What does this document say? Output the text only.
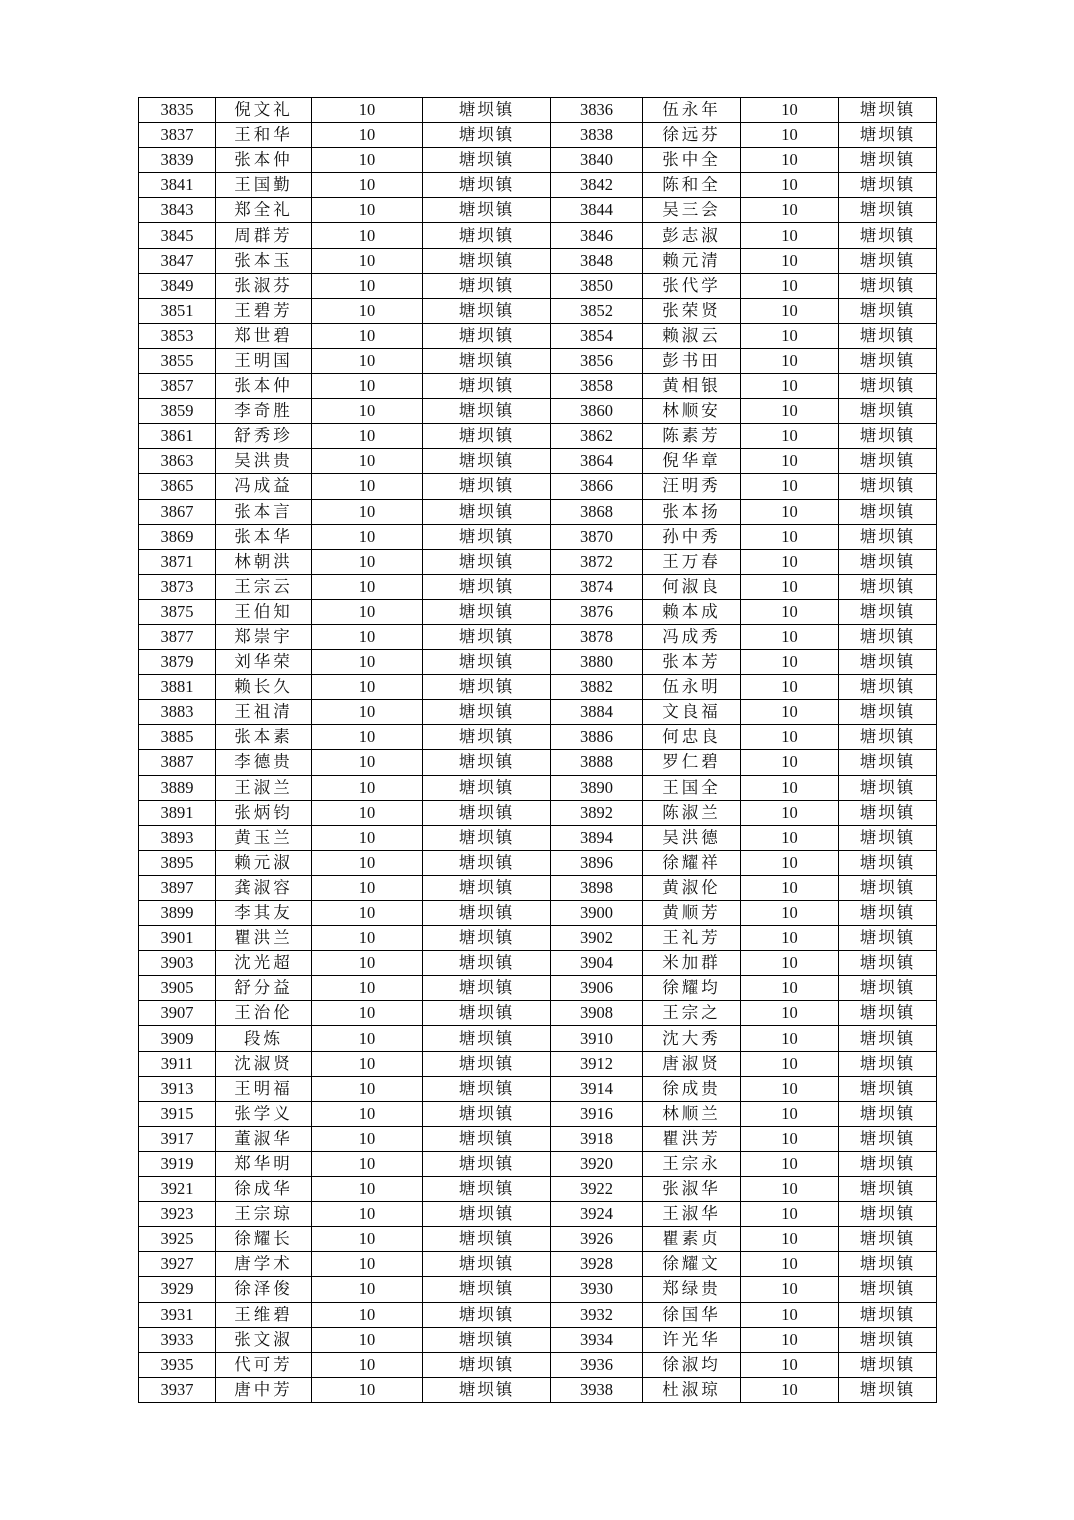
3835	倪文礼	10	塘坝镇	3836	伍永年	10	塘坝镇
3837	王和华	10	塘坝镇	3838	徐远芬	10	塘坝镇
3839	张本仲	10	塘坝镇	3840	张中全	10	塘坝镇
3841	王国勤	10	塘坝镇	3842	陈和全	10	塘坝镇
3843	郑全礼	10	塘坝镇	3844	吴三会	10	塘坝镇
3845	周群芳	10	塘坝镇	3846	彭志淑	10	塘坝镇
3847	张本玉	10	塘坝镇	3848	赖元清	10	塘坝镇
3849	张淑芬	10	塘坝镇	3850	张代学	10	塘坝镇
3851	王碧芳	10	塘坝镇	3852	张荣贤	10	塘坝镇
3853	郑世碧	10	塘坝镇	3854	赖淑云	10	塘坝镇
3855	王明国	10	塘坝镇	3856	彭书田	10	塘坝镇
3857	张本仲	10	塘坝镇	3858	黄相银	10	塘坝镇
3859	李奇胜	10	塘坝镇	3860	林顺安	10	塘坝镇
3861	舒秀珍	10	塘坝镇	3862	陈素芳	10	塘坝镇
3863	吴洪贵	10	塘坝镇	3864	倪华章	10	塘坝镇
3865	冯成益	10	塘坝镇	3866	汪明秀	10	塘坝镇
3867	张本言	10	塘坝镇	3868	张本扬	10	塘坝镇
3869	张本华	10	塘坝镇	3870	孙中秀	10	塘坝镇
3871	林朝洪	10	塘坝镇	3872	王万春	10	塘坝镇
3873	王宗云	10	塘坝镇	3874	何淑良	10	塘坝镇
3875	王伯知	10	塘坝镇	3876	赖本成	10	塘坝镇
3877	郑崇宇	10	塘坝镇	3878	冯成秀	10	塘坝镇
3879	刘华荣	10	塘坝镇	3880	张本芳	10	塘坝镇
3881	赖长久	10	塘坝镇	3882	伍永明	10	塘坝镇
3883	王祖清	10	塘坝镇	3884	文良福	10	塘坝镇
3885	张本素	10	塘坝镇	3886	何忠良	10	塘坝镇
3887	李德贵	10	塘坝镇	3888	罗仁碧	10	塘坝镇
3889	王淑兰	10	塘坝镇	3890	王国全	10	塘坝镇
3891	张炳钧	10	塘坝镇	3892	陈淑兰	10	塘坝镇
3893	黄玉兰	10	塘坝镇	3894	吴洪德	10	塘坝镇
3895	赖元淑	10	塘坝镇	3896	徐耀祥	10	塘坝镇
3897	龚淑容	10	塘坝镇	3898	黄淑伦	10	塘坝镇
3899	李其友	10	塘坝镇	3900	黄顺芳	10	塘坝镇
3901	瞿洪兰	10	塘坝镇	3902	王礼芳	10	塘坝镇
3903	沈光超	10	塘坝镇	3904	米加群	10	塘坝镇
3905	舒分益	10	塘坝镇	3906	徐耀均	10	塘坝镇
3907	王治伦	10	塘坝镇	3908	王宗之	10	塘坝镇
3909	段炼	10	塘坝镇	3910	沈大秀	10	塘坝镇
3911	沈淑贤	10	塘坝镇	3912	唐淑贤	10	塘坝镇
3913	王明福	10	塘坝镇	3914	徐成贵	10	塘坝镇
3915	张学义	10	塘坝镇	3916	林顺兰	10	塘坝镇
3917	董淑华	10	塘坝镇	3918	瞿洪芳	10	塘坝镇
3919	郑华明	10	塘坝镇	3920	王宗永	10	塘坝镇
3921	徐成华	10	塘坝镇	3922	张淑华	10	塘坝镇
3923	王宗琼	10	塘坝镇	3924	王淑华	10	塘坝镇
3925	徐耀长	10	塘坝镇	3926	瞿素贞	10	塘坝镇
3927	唐学术	10	塘坝镇	3928	徐耀文	10	塘坝镇
3929	徐泽俊	10	塘坝镇	3930	郑绿贵	10	塘坝镇
3931	王维碧	10	塘坝镇	3932	徐国华	10	塘坝镇
3933	张文淑	10	塘坝镇	3934	许光华	10	塘坝镇
3935	代可芳	10	塘坝镇	3936	徐淑均	10	塘坝镇
3937	唐中芳	10	塘坝镇	3938	杜淑琼	10	塘坝镇
